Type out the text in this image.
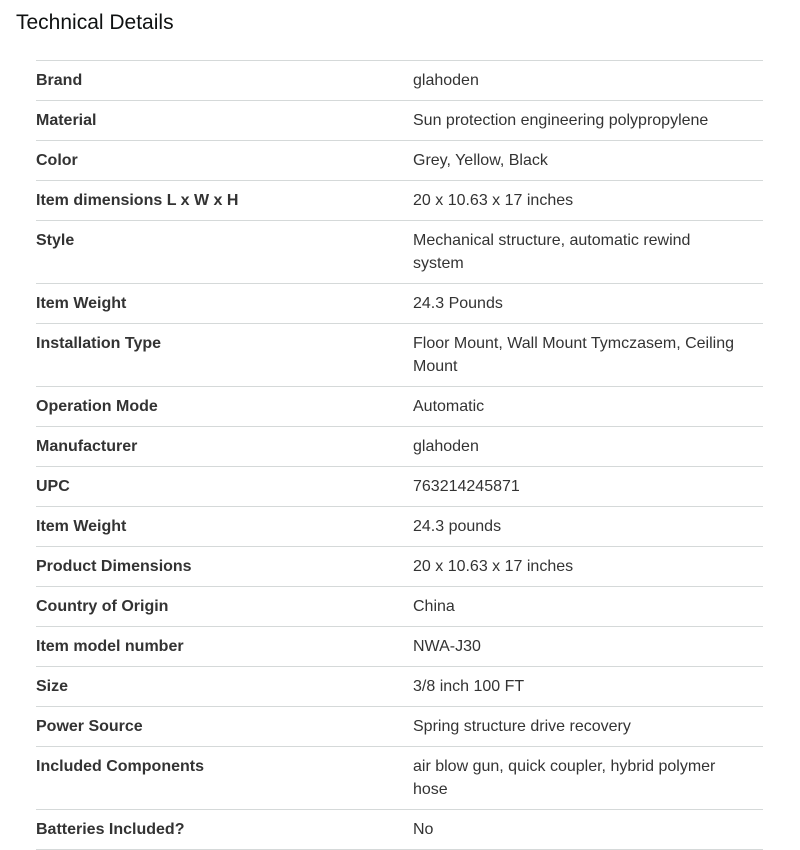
Technical Details
Brand	glahoden
Material	Sun protection engineering polypropylene
Color	Grey, Yellow, Black
Item dimensions L x W x H	20 x 10.63 x 17 inches
Style	Mechanical structure, automatic rewind system
Item Weight	24.3 Pounds
Installation Type	Floor Mount, Wall Mount Tymczasem, Ceiling Mount
Operation Mode	Automatic
Manufacturer	glahoden
UPC	763214245871
Item Weight	24.3 pounds
Product Dimensions	20 x 10.63 x 17 inches
Country of Origin	China
Item model number	NWA-J30
Size	3/8 inch 100 FT
Power Source	Spring structure drive recovery
Included Components	air blow gun, quick coupler, hybrid polymer hose
Batteries Included?	No
